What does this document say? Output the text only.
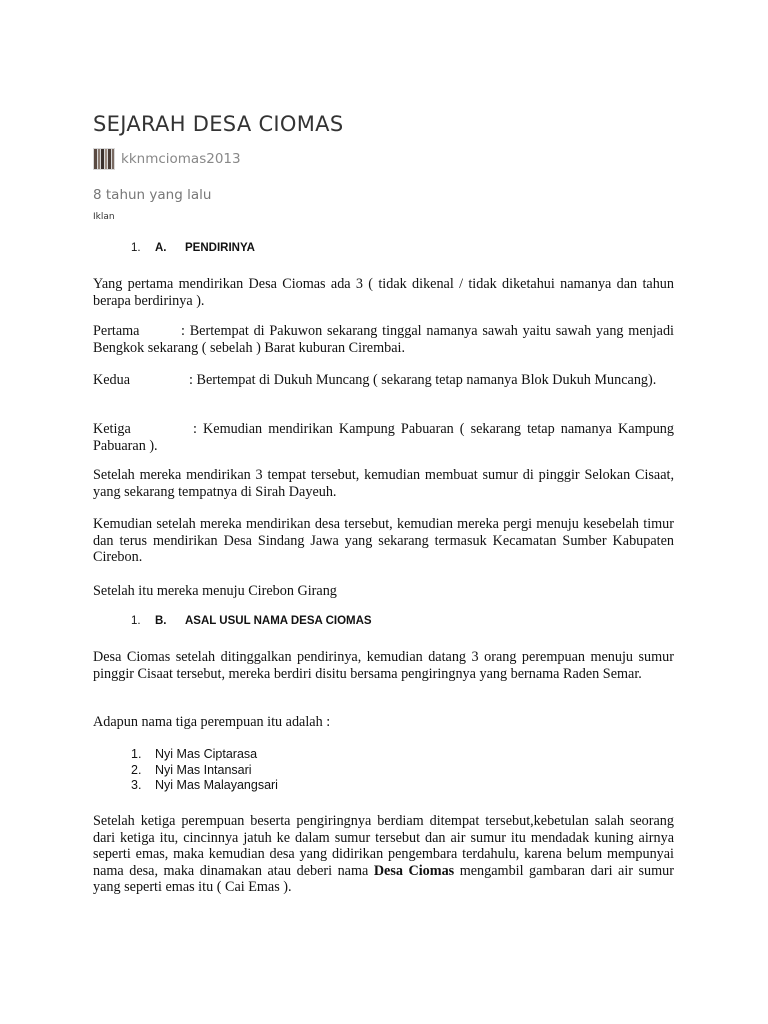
SEJARAH DESA CIOMAS
kknmciomas2013
8 tahun yang lalu
Iklan
1. A. PENDIRINYA

Yang pertama mendirikan Desa Ciomas ada 3 ( tidak dikenal / tidak diketahui namanya dan tahun berapa berdirinya ).

Pertama	: Bertempat di Pakuwon sekarang tinggal namanya sawah yaitu sawah yang menjadi Bengkok sekarang ( sebelah ) Barat kuburan Cirembai.

Kedua	: Bertempat di Dukuh Muncang ( sekarang tetap namanya Blok Dukuh Muncang).

Ketiga	: Kemudian mendirikan Kampung Pabuaran ( sekarang tetap namanya Kampung Pabuaran ).

Setelah mereka mendirikan 3 tempat tersebut, kemudian membuat sumur di pinggir Selokan Cisaat, yang sekarang tempatnya di Sirah Dayeuh.

Kemudian setelah mereka mendirikan desa tersebut, kemudian mereka pergi menuju kesebelah timur dan terus mendirikan Desa Sindang Jawa yang sekarang termasuk Kecamatan Sumber Kabupaten Cirebon.

Setelah itu mereka menuju Cirebon Girang

1. B. ASAL USUL NAMA DESA CIOMAS

Desa Ciomas setelah ditinggalkan pendirinya, kemudian datang 3 orang perempuan menuju sumur pinggir Cisaat tersebut, mereka berdiri disitu bersama pengiringnya yang bernama Raden Semar.

Adapun nama tiga perempuan itu adalah :

1. Nyi Mas Ciptarasa
2. Nyi Mas Intansari
3. Nyi Mas Malayangsari

Setelah ketiga perempuan beserta pengiringnya berdiam ditempat tersebut,kebetulan salah seorang dari ketiga itu, cincinnya jatuh ke dalam sumur tersebut dan air sumur itu mendadak kuning airnya seperti emas, maka kemudian desa yang didirikan pengembara terdahulu, karena belum mempunyai nama desa, maka dinamakan atau deberi nama Desa Ciomas mengambil gambaran dari air sumur yang seperti emas itu ( Cai Emas ).
